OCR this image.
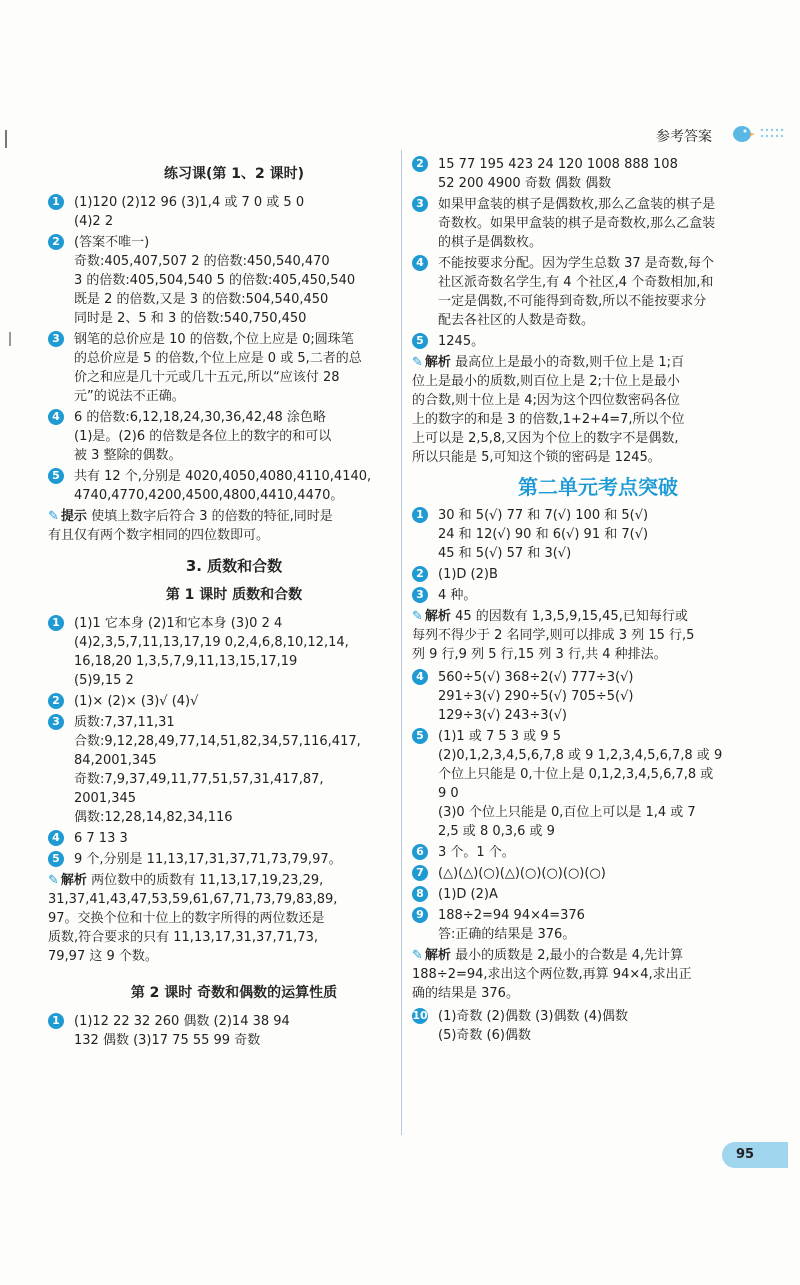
参考答案
练习课(第 1、2 课时)
1	(1)120 (2)12 96 (3)1,4 或 7 0 或 5 0

(4)2 2

2	(答案不唯一)

奇数:405,407,507 2 的倍数:450,540,470

3 的倍数:405,504,540 5 的倍数:405,450,540

既是 2 的倍数,又是 3 的倍数:504,540,450

同时是 2、5 和 3 的倍数:540,750,450

3	钢笔的总价应是 10 的倍数,个位上应是 0;圆珠笔

的总价应是 5 的倍数,个位上应是 0 或 5,二者的总

价之和应是几十元或几十五元,所以“应该付 28

元”的说法不正确。

4	6 的倍数:6,12,18,24,30,36,42,48 涂色略

(1)是。(2)6 的倍数是各位上的数字的和可以

被 3 整除的偶数。

5	共有 12 个,分别是 4020,4050,4080,4110,4140,

4740,4770,4200,4500,4800,4410,4470。

✎ 提示 使填上数字后符合 3 的倍数的特征,同时是

有且仅有两个数字相同的四位数即可。

3. 质数和合数
第 1 课时 质数和合数
1	(1)1 它本身 (2)1和它本身 (3)0 2 4

(4)2,3,5,7,11,13,17,19 0,2,4,6,8,10,12,14,

16,18,20 1,3,5,7,9,11,13,15,17,19

(5)9,15 2

2	(1)× (2)× (3)√ (4)√

3	质数:7,37,11,31

合数:9,12,28,49,77,14,51,82,34,57,116,417,

84,2001,345

奇数:7,9,37,49,11,77,51,57,31,417,87,

2001,345

偶数:12,28,14,82,34,116

4	6 7 13 3

5	9 个,分别是 11,13,17,31,37,71,73,79,97。

✎ 解析 两位数中的质数有 11,13,17,19,23,29,

31,37,41,43,47,53,59,61,67,71,73,79,83,89,

97。交换个位和十位上的数字所得的两位数还是

质数,符合要求的只有 11,13,17,31,37,71,73,

79,97 这 9 个数。

第 2 课时 奇数和偶数的运算性质
1	(1)12 22 32 260 偶数 (2)14 38 94

132 偶数 (3)17 75 55 99 奇数

2	15 77 195 423 24 120 1008 888 108

52 200 4900 奇数 偶数 偶数

3	如果甲盒装的棋子是偶数枚,那么乙盒装的棋子是

奇数枚。如果甲盒装的棋子是奇数枚,那么乙盒装

的棋子是偶数枚。

4	不能按要求分配。因为学生总数 37 是奇数,每个

社区派奇数名学生,有 4 个社区,4 个奇数相加,和

一定是偶数,不可能得到奇数,所以不能按要求分

配去各社区的人数是奇数。

5	1245。

✎ 解析 最高位上是最小的奇数,则千位上是 1;百

位上是最小的质数,则百位上是 2;十位上是最小

的合数,则十位上是 4;因为这个四位数密码各位

上的数字的和是 3 的倍数,1+2+4=7,所以个位

上可以是 2,5,8,又因为个位上的数字不是偶数,

所以只能是 5,可知这个锁的密码是 1245。

第二单元考点突破
1	30 和 5(√) 77 和 7(√) 100 和 5(√)

24 和 12(√) 90 和 6(√) 91 和 7(√)

45 和 5(√) 57 和 3(√)

2	(1)D (2)B

3	4 种。

✎ 解析 45 的因数有 1,3,5,9,15,45,已知每行或

每列不得少于 2 名同学,则可以排成 3 列 15 行,5

列 9 行,9 列 5 行,15 列 3 行,共 4 种排法。

4	560÷5(√) 368÷2(√) 777÷3(√)

291÷3(√) 290÷5(√) 705÷5(√)

129÷3(√) 243÷3(√)

5	(1)1 或 7 5 3 或 9 5

(2)0,1,2,3,4,5,6,7,8 或 9 1,2,3,4,5,6,7,8 或 9

个位上只能是 0,十位上是 0,1,2,3,4,5,6,7,8 或

9 0

(3)0 个位上只能是 0,百位上可以是 1,4 或 7

2,5 或 8 0,3,6 或 9

6	3 个。1 个。

7	(△)(△)(○)(△)(○)(○)(○)(○)

8	(1)D (2)A

9	188÷2=94 94×4=376

答:正确的结果是 376。

✎ 解析 最小的质数是 2,最小的合数是 4,先计算

188÷2=94,求出这个两位数,再算 94×4,求出正

确的结果是 376。

10 (1)奇数 (2)偶数 (3)偶数 (4)偶数

(5)奇数 (6)偶数

95
